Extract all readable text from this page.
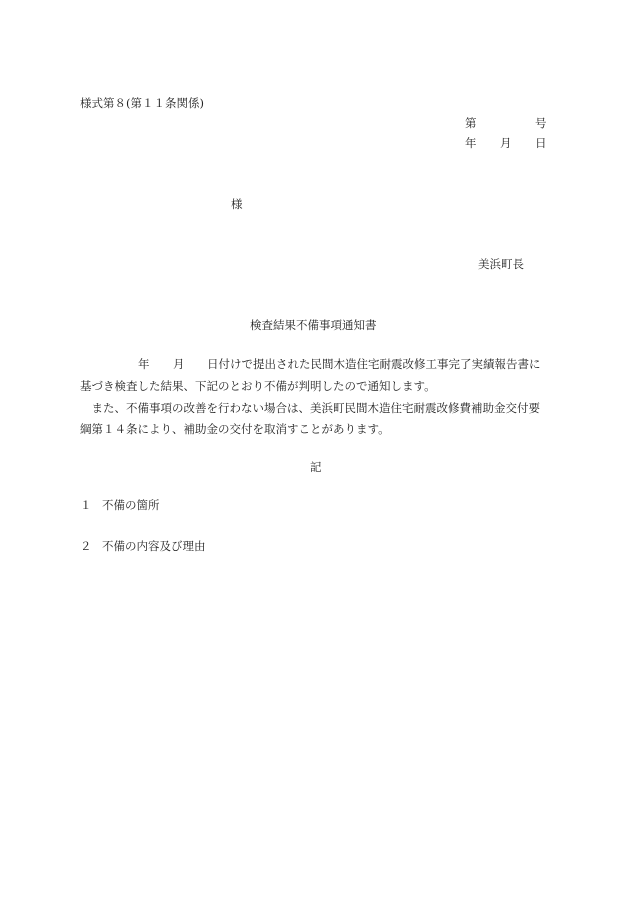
様式第８(第１１条関係)
第	号
年 月 日
様
美浜町長
検査結果不備事項通知書
年 月 日付けで提出された民間木造住宅耐震改修工事完了実績報告書に
基づき検査した結果、下記のとおり不備が判明したので通知します。
　また、不備事項の改善を行わない場合は、美浜町民間木造住宅耐震改修費補助金交付要
綱第１４条により、補助金の交付を取消すことがあります。
記
１ 不備の箇所
２ 不備の内容及び理由
